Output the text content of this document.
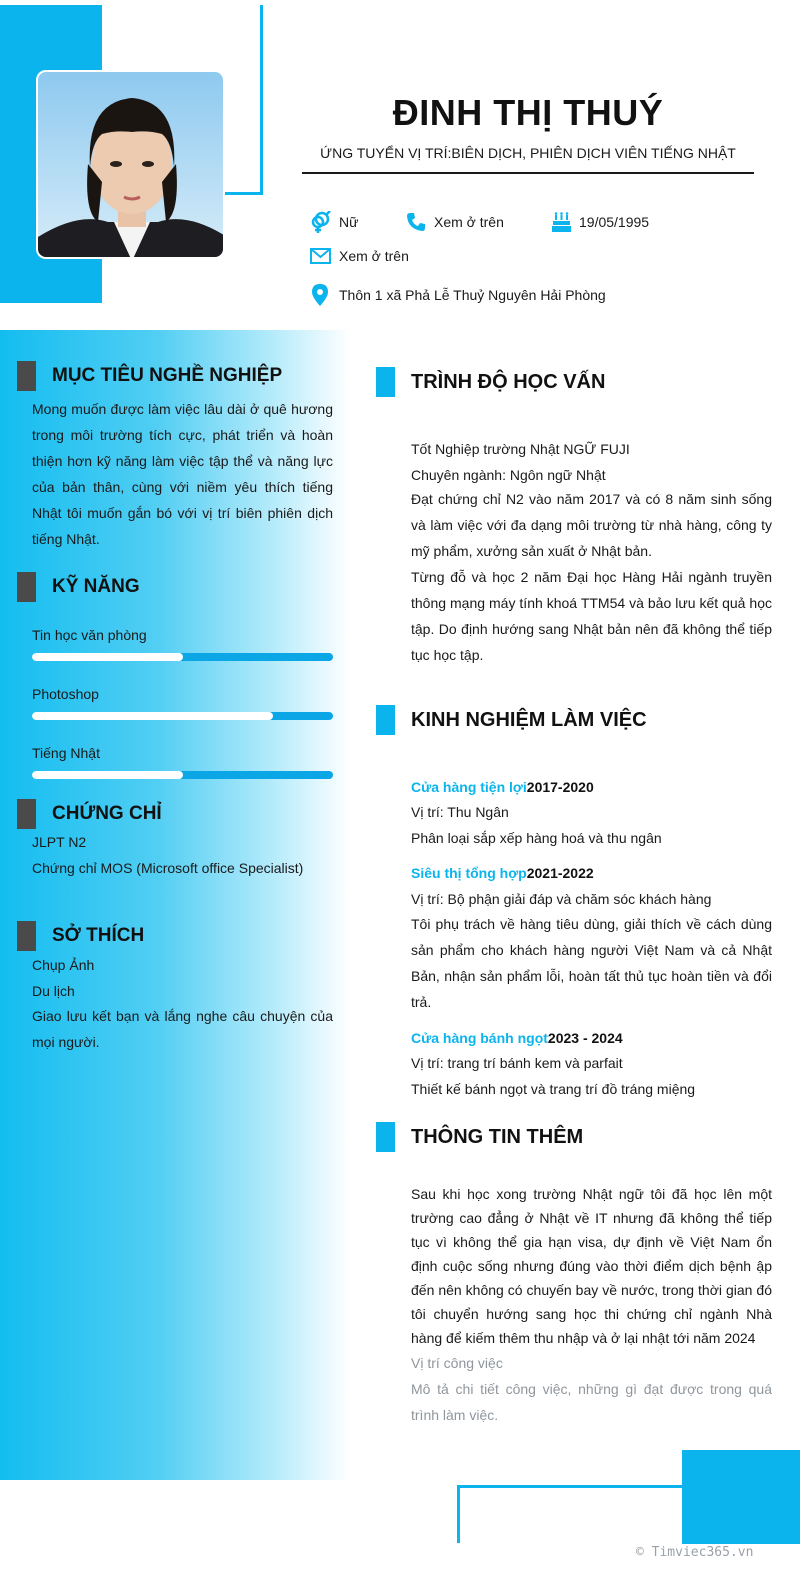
© Timviec365.vn
ĐINH THỊ THUÝ
ỨNG TUYỂN VỊ TRÍ:BIÊN DỊCH, PHIÊN DỊCH VIÊN TIẾNG NHẬT
Nữ	Xem ở trên	19/05/1995
Xem ở trên
Thôn 1 xã Phả Lễ Thuỷ Nguyên Hải Phòng
MỤC TIÊU NGHỀ NGHIỆP
Mong muốn được làm việc lâu dài ở quê hương trong môi trường tích cực, phát triển và hoàn thiện hơn kỹ năng làm việc tập thể và năng lực của bản thân, cùng với niềm yêu thích tiếng Nhật tôi muốn gắn bó với vị trí biên phiên dịch tiếng Nhật.
KỸ NĂNG
Tin học văn phòng
Photoshop
Tiếng Nhật
CHỨNG CHỈ
JLPT N2
Chứng chỉ MOS (Microsoft office Specialist)
SỞ THÍCH
Chụp Ảnh
Du lịch
Giao lưu kết bạn và lắng nghe câu chuyện của mọi người.
TRÌNH ĐỘ HỌC VẤN
Tốt Nghiệp trường Nhật NGỮ FUJI
Chuyên ngành: Ngôn ngữ Nhật
Đạt chứng chỉ N2 vào năm 2017 và có 8 năm sinh sống và làm việc với đa dạng môi trường từ nhà hàng, công ty mỹ phẩm, xưởng sản xuất ở Nhật bản.
Từng đỗ và học 2 năm Đại học Hàng Hải ngành truyền thông mạng máy tính khoá TTM54 và bảo lưu kết quả học tập. Do định hướng sang Nhật bản nên đã không thể tiếp tục học tập.
KINH NGHIỆM LÀM VIỆC
Cửa hàng tiện lợi2017-2020
Vị trí: Thu Ngân
Phân loại sắp xếp hàng hoá và thu ngân
Siêu thị tổng hợp2021-2022
Vị trí: Bộ phận giải đáp và chăm sóc khách hàng
Tôi phụ trách về hàng tiêu dùng, giải thích về cách dùng sản phẩm cho khách hàng người Việt Nam và cả Nhật Bản, nhận sản phẩm lỗi, hoàn tất thủ tục hoàn tiền và đổi trả.
Cửa hàng bánh ngọt2023 - 2024
Vị trí: trang trí bánh kem và parfait
Thiết kế bánh ngọt và trang trí đồ tráng miệng
THÔNG TIN THÊM
Sau khi học xong trường Nhật ngữ tôi đã học lên một trường cao đẳng ở Nhật về IT nhưng đã không thể tiếp tục vì không thể gia hạn visa, dự định về Việt Nam ổn định cuộc sống nhưng đúng vào thời điểm dịch bệnh ập đến nên không có chuyến bay về nước, trong thời gian đó tôi chuyển hướng sang học thi chứng chỉ ngành Nhà hàng để kiếm thêm thu nhập và ở lại nhật tới năm 2024
Vị trí công việc
Mô tả chi tiết công việc, những gì đạt được trong quá trình làm việc.
